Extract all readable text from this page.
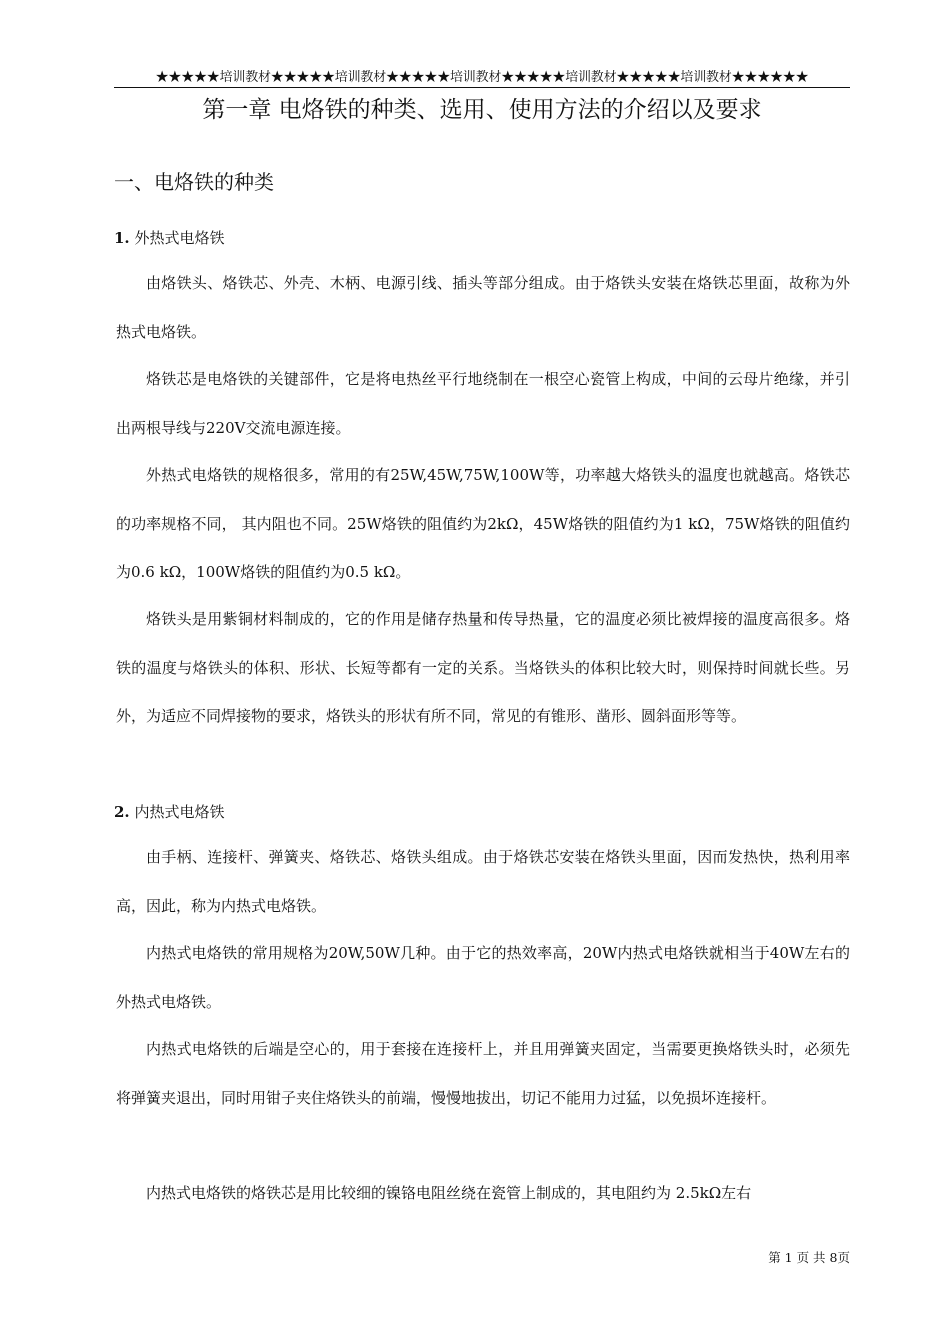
★★★★★培训教材★★★★★培训教材★★★★★培训教材★★★★★培训教材★★★★★培训教材★★★★★★
第一章 电烙铁的种类、选用、使用方法的介绍以及要求
一、电烙铁的种类
1. 外热式电烙铁
由烙铁头、烙铁芯、外壳、木柄、电源引线、插头等部分组成。由于烙铁头安装在烙铁芯里面，故称为外热式电烙铁。
烙铁芯是电烙铁的关键部件，它是将电热丝平行地绕制在一根空心瓷管上构成，中间的云母片绝缘，并引出两根导线与220V交流电源连接。
外热式电烙铁的规格很多，常用的有25W,45W,75W,100W等，功率越大烙铁头的温度也就越高。烙铁芯的功率规格不同， 其内阻也不同。25W烙铁的阻值约为2kΩ，45W烙铁的阻值约为1 kΩ，75W烙铁的阻值约为0.6 kΩ，100W烙铁的阻值约为0.5 kΩ。
烙铁头是用紫铜材料制成的，它的作用是储存热量和传导热量，它的温度必须比被焊接的温度高很多。烙铁的温度与烙铁头的体积、形状、长短等都有一定的关系。当烙铁头的体积比较大时，则保持时间就长些。另外，为适应不同焊接物的要求，烙铁头的形状有所不同，常见的有锥形、凿形、圆斜面形等等。
2. 内热式电烙铁
由手柄、连接杆、弹簧夹、烙铁芯、烙铁头组成。由于烙铁芯安装在烙铁头里面，因而发热快，热利用率高，因此，称为内热式电烙铁。
内热式电烙铁的常用规格为20W,50W几种。由于它的热效率高，20W内热式电烙铁就相当于40W左右的外热式电烙铁。
内热式电烙铁的后端是空心的，用于套接在连接杆上，并且用弹簧夹固定，当需要更换烙铁头时，必须先将弹簧夹退出，同时用钳子夹住烙铁头的前端，慢慢地拔出，切记不能用力过猛，以免损坏连接杆。
内热式电烙铁的烙铁芯是用比较细的镍铬电阻丝绕在瓷管上制成的，其电阻约为 2.5kΩ左右
第 1 页 共 8页
